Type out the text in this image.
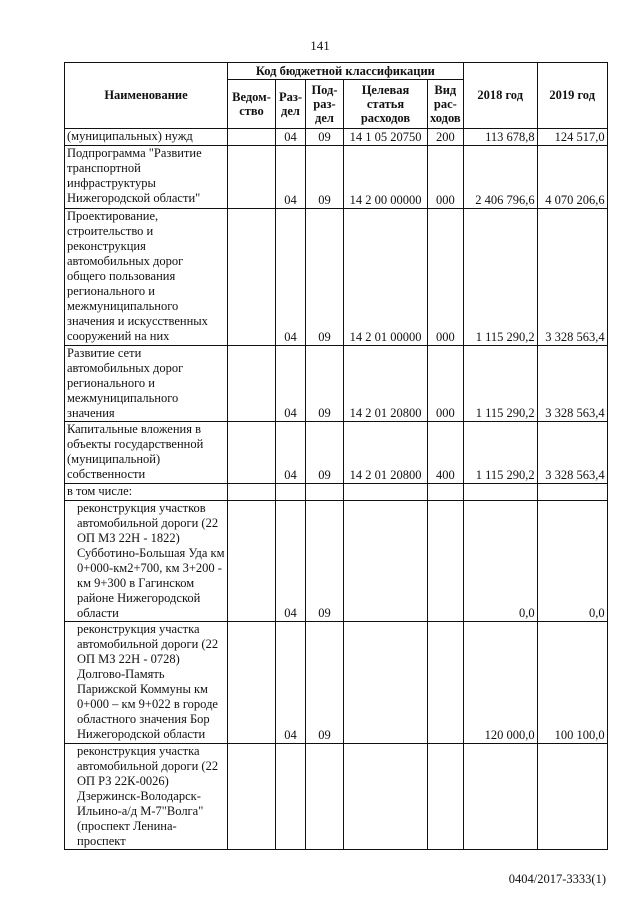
141
Наименование	Код бюджетной классификации					2018 год	2019 год
	Ведом-ство	Раз-дел	Под-раз-дел	Целевая статья расходов	Вид рас-ходов		
(муниципальных) нужд		04	09	14 1 05 20750	200	113 678,8	124 517,0
Подпрограмма "Развитие транспортной инфраструктуры Нижегородской области"		04	09	14 2 00 00000	000	2 406 796,6	4 070 206,6
Проектирование, строительство и реконструкция автомобильных дорог общего пользования регионального и межмуниципального значения и искусственных сооружений на них		04	09	14 2 01 00000	000	1 115 290,2	3 328 563,4
Развитие сети автомобильных дорог регионального и межмуниципального значения		04	09	14 2 01 20800	000	1 115 290,2	3 328 563,4
Капитальные вложения в объекты государственной (муниципальной) собственности		04	09	14 2 01 20800	400	1 115 290,2	3 328 563,4
в том числе:							
реконструкция участков автомобильной дороги (22 ОП МЗ 22Н - 1822) Субботино-Большая Уда км 0+000-км2+700, км 3+200 - км 9+300 в Гагинском районе Нижегородской области		04	09			0,0	0,0
реконструкция участка автомобильной дороги (22 ОП МЗ 22Н - 0728) Долгово-Память Парижской Коммуны км 0+000 – км 9+022 в городе областного значения Бор Нижегородской области		04	09			120 000,0	100 100,0
реконструкция участка автомобильной дороги (22 ОП РЗ 22К-0026) Дзержинск-Володарск-Ильино-а/д М-7"Волга" (проспект Ленина-проспект							
0404/2017-3333(1)
